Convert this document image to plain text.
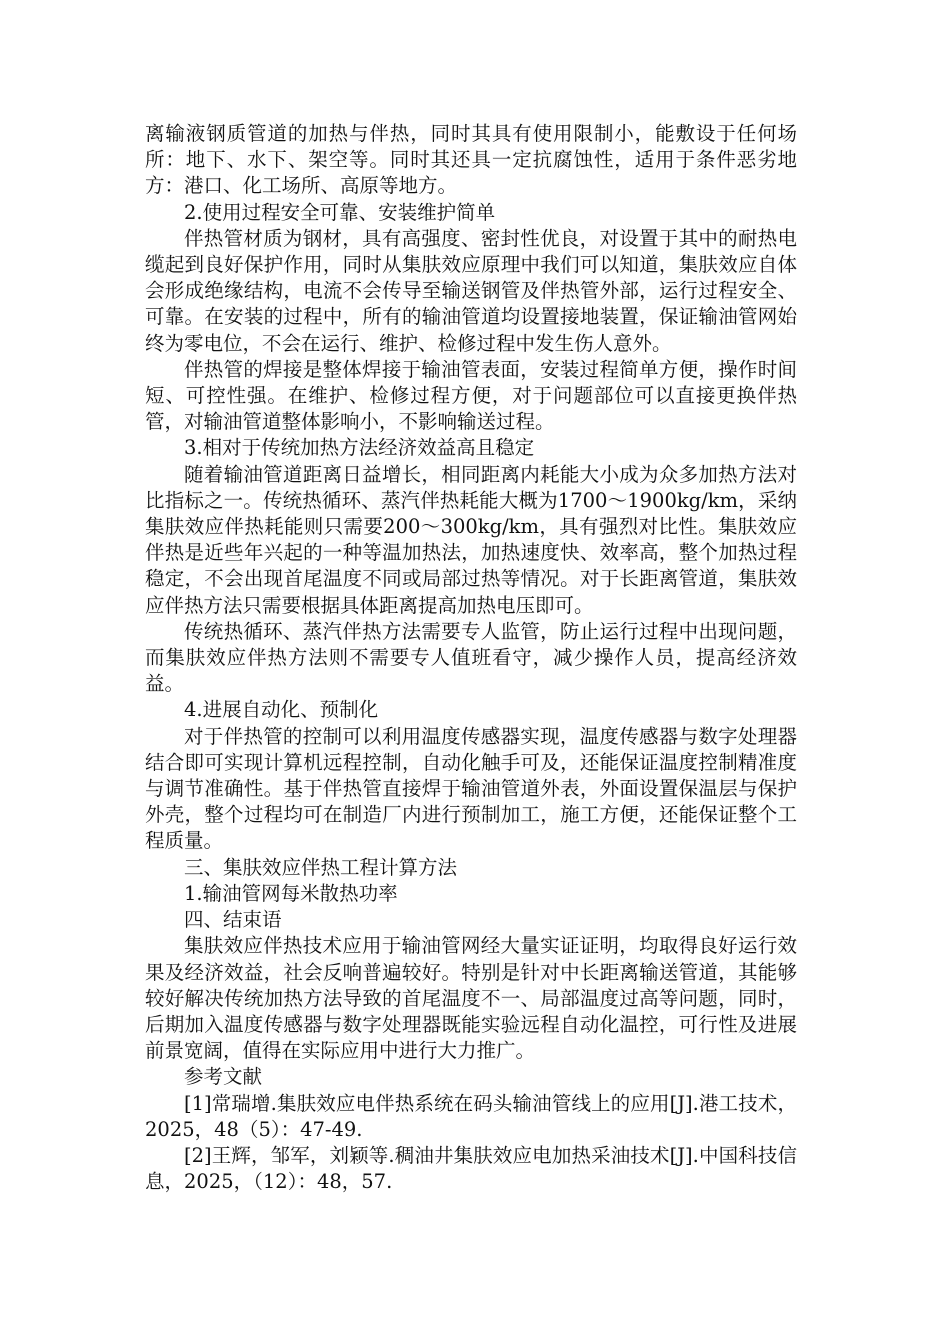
离输液钢质管道的加热与伴热，同时其具有使用限制小，能敷设于任何场所：地下、水下、架空等。同时其还具一定抗腐蚀性，适用于条件恶劣地方：港口、化工场所、高原等地方。

2.使用过程安全可靠、安装维护简单

伴热管材质为钢材，具有高强度、密封性优良，对设置于其中的耐热电缆起到良好保护作用，同时从集肤效应原理中我们可以知道，集肤效应自体会形成绝缘结构，电流不会传导至输送钢管及伴热管外部，运行过程安全、可靠。在安装的过程中，所有的输油管道均设置接地装置，保证输油管网始终为零电位，不会在运行、维护、检修过程中发生伤人意外。

伴热管的焊接是整体焊接于输油管表面，安装过程简单方便，操作时间短、可控性强。在维护、检修过程方便，对于问题部位可以直接更换伴热管，对输油管道整体影响小，不影响输送过程。

3.相对于传统加热方法经济效益高且稳定

随着输油管道距离日益增长，相同距离内耗能大小成为众多加热方法对比指标之一。传统热循环、蒸汽伴热耗能大概为1700～1900kg/km，采纳集肤效应伴热耗能则只需要200～300kg/km，具有强烈对比性。集肤效应伴热是近些年兴起的一种等温加热法，加热速度快、效率高，整个加热过程稳定，不会出现首尾温度不同或局部过热等情况。对于长距离管道，集肤效应伴热方法只需要根据具体距离提高加热电压即可。

传统热循环、蒸汽伴热方法需要专人监管，防止运行过程中出现问题，而集肤效应伴热方法则不需要专人值班看守，减少操作人员，提高经济效益。

4.进展自动化、预制化

对于伴热管的控制可以利用温度传感器实现，温度传感器与数字处理器结合即可实现计算机远程控制，自动化触手可及，还能保证温度控制精准度与调节准确性。基于伴热管直接焊于输油管道外表，外面设置保温层与保护外壳，整个过程均可在制造厂内进行预制加工，施工方便，还能保证整个工程质量。

三、集肤效应伴热工程计算方法

1.输油管网每米散热功率

四、结束语

集肤效应伴热技术应用于输油管网经大量实证证明，均取得良好运行效果及经济效益，社会反响普遍较好。特别是针对中长距离输送管道，其能够较好解决传统加热方法导致的首尾温度不一、局部温度过高等问题，同时，后期加入温度传感器与数字处理器既能实验远程自动化温控，可行性及进展前景宽阔，值得在实际应用中进行大力推广。

参考文献

[1]常瑞增.集肤效应电伴热系统在码头输油管线上的应用[J].港工技术，2025，48（5）：47-49.

[2]王辉，邹军，刘颖等.稠油井集肤效应电加热采油技术[J].中国科技信息，2025，（12）：48，57.
